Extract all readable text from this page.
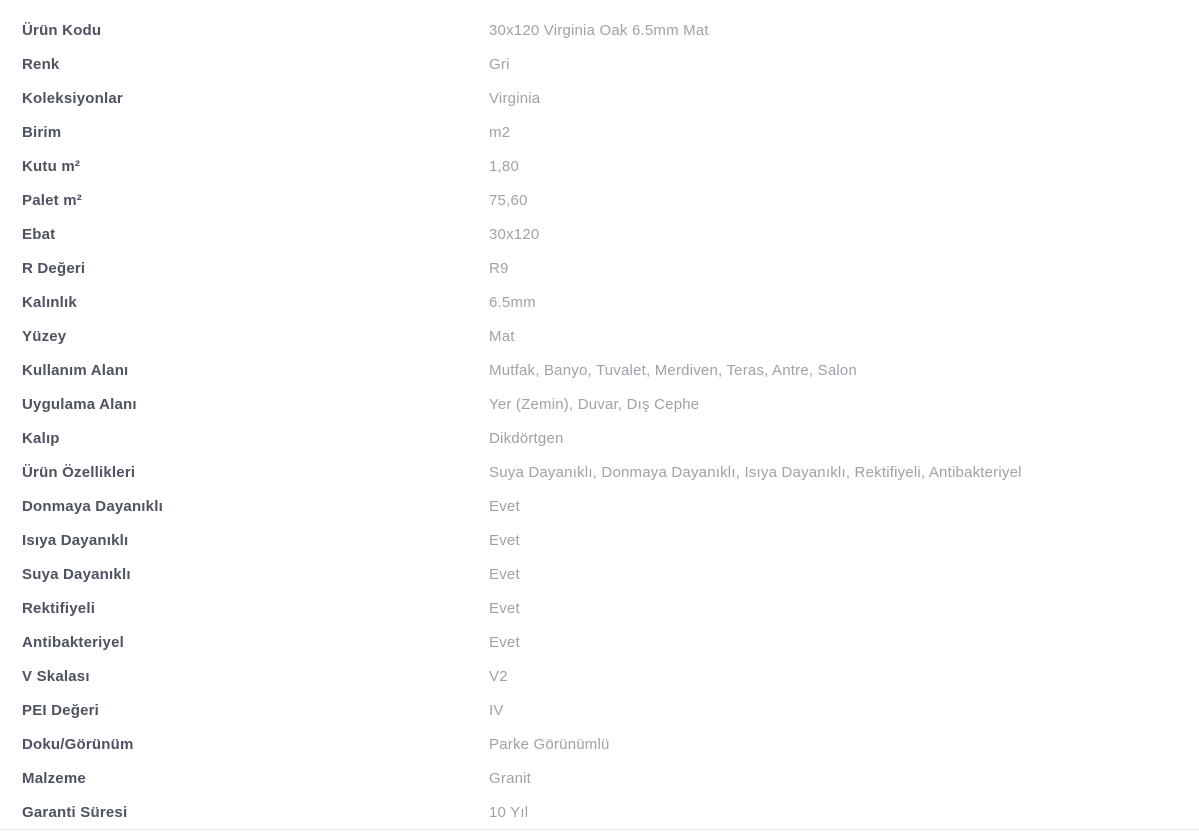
Ürün Kodu	30x120 Virginia Oak 6.5mm Mat
Renk	Gri
Koleksiyonlar	Virginia
Birim	m2
Kutu m²	1,80
Palet m²	75,60
Ebat	30x120
R Değeri	R9
Kalınlık	6.5mm
Yüzey	Mat
Kullanım Alanı	Mutfak, Banyo, Tuvalet, Merdiven, Teras, Antre, Salon
Uygulama Alanı	Yer (Zemin), Duvar, Dış Cephe
Kalıp	Dikdörtgen
Ürün Özellikleri	Suya Dayanıklı, Donmaya Dayanıklı, Isıya Dayanıklı, Rektifiyeli, Antibakteriyel
Donmaya Dayanıklı	Evet
Isıya Dayanıklı	Evet
Suya Dayanıklı	Evet
Rektifiyeli	Evet
Antibakteriyel	Evet
V Skalası	V2
PEI Değeri	IV
Doku/Görünüm	Parke Görünümlü
Malzeme	Granit
Garanti Süresi	10 Yıl
